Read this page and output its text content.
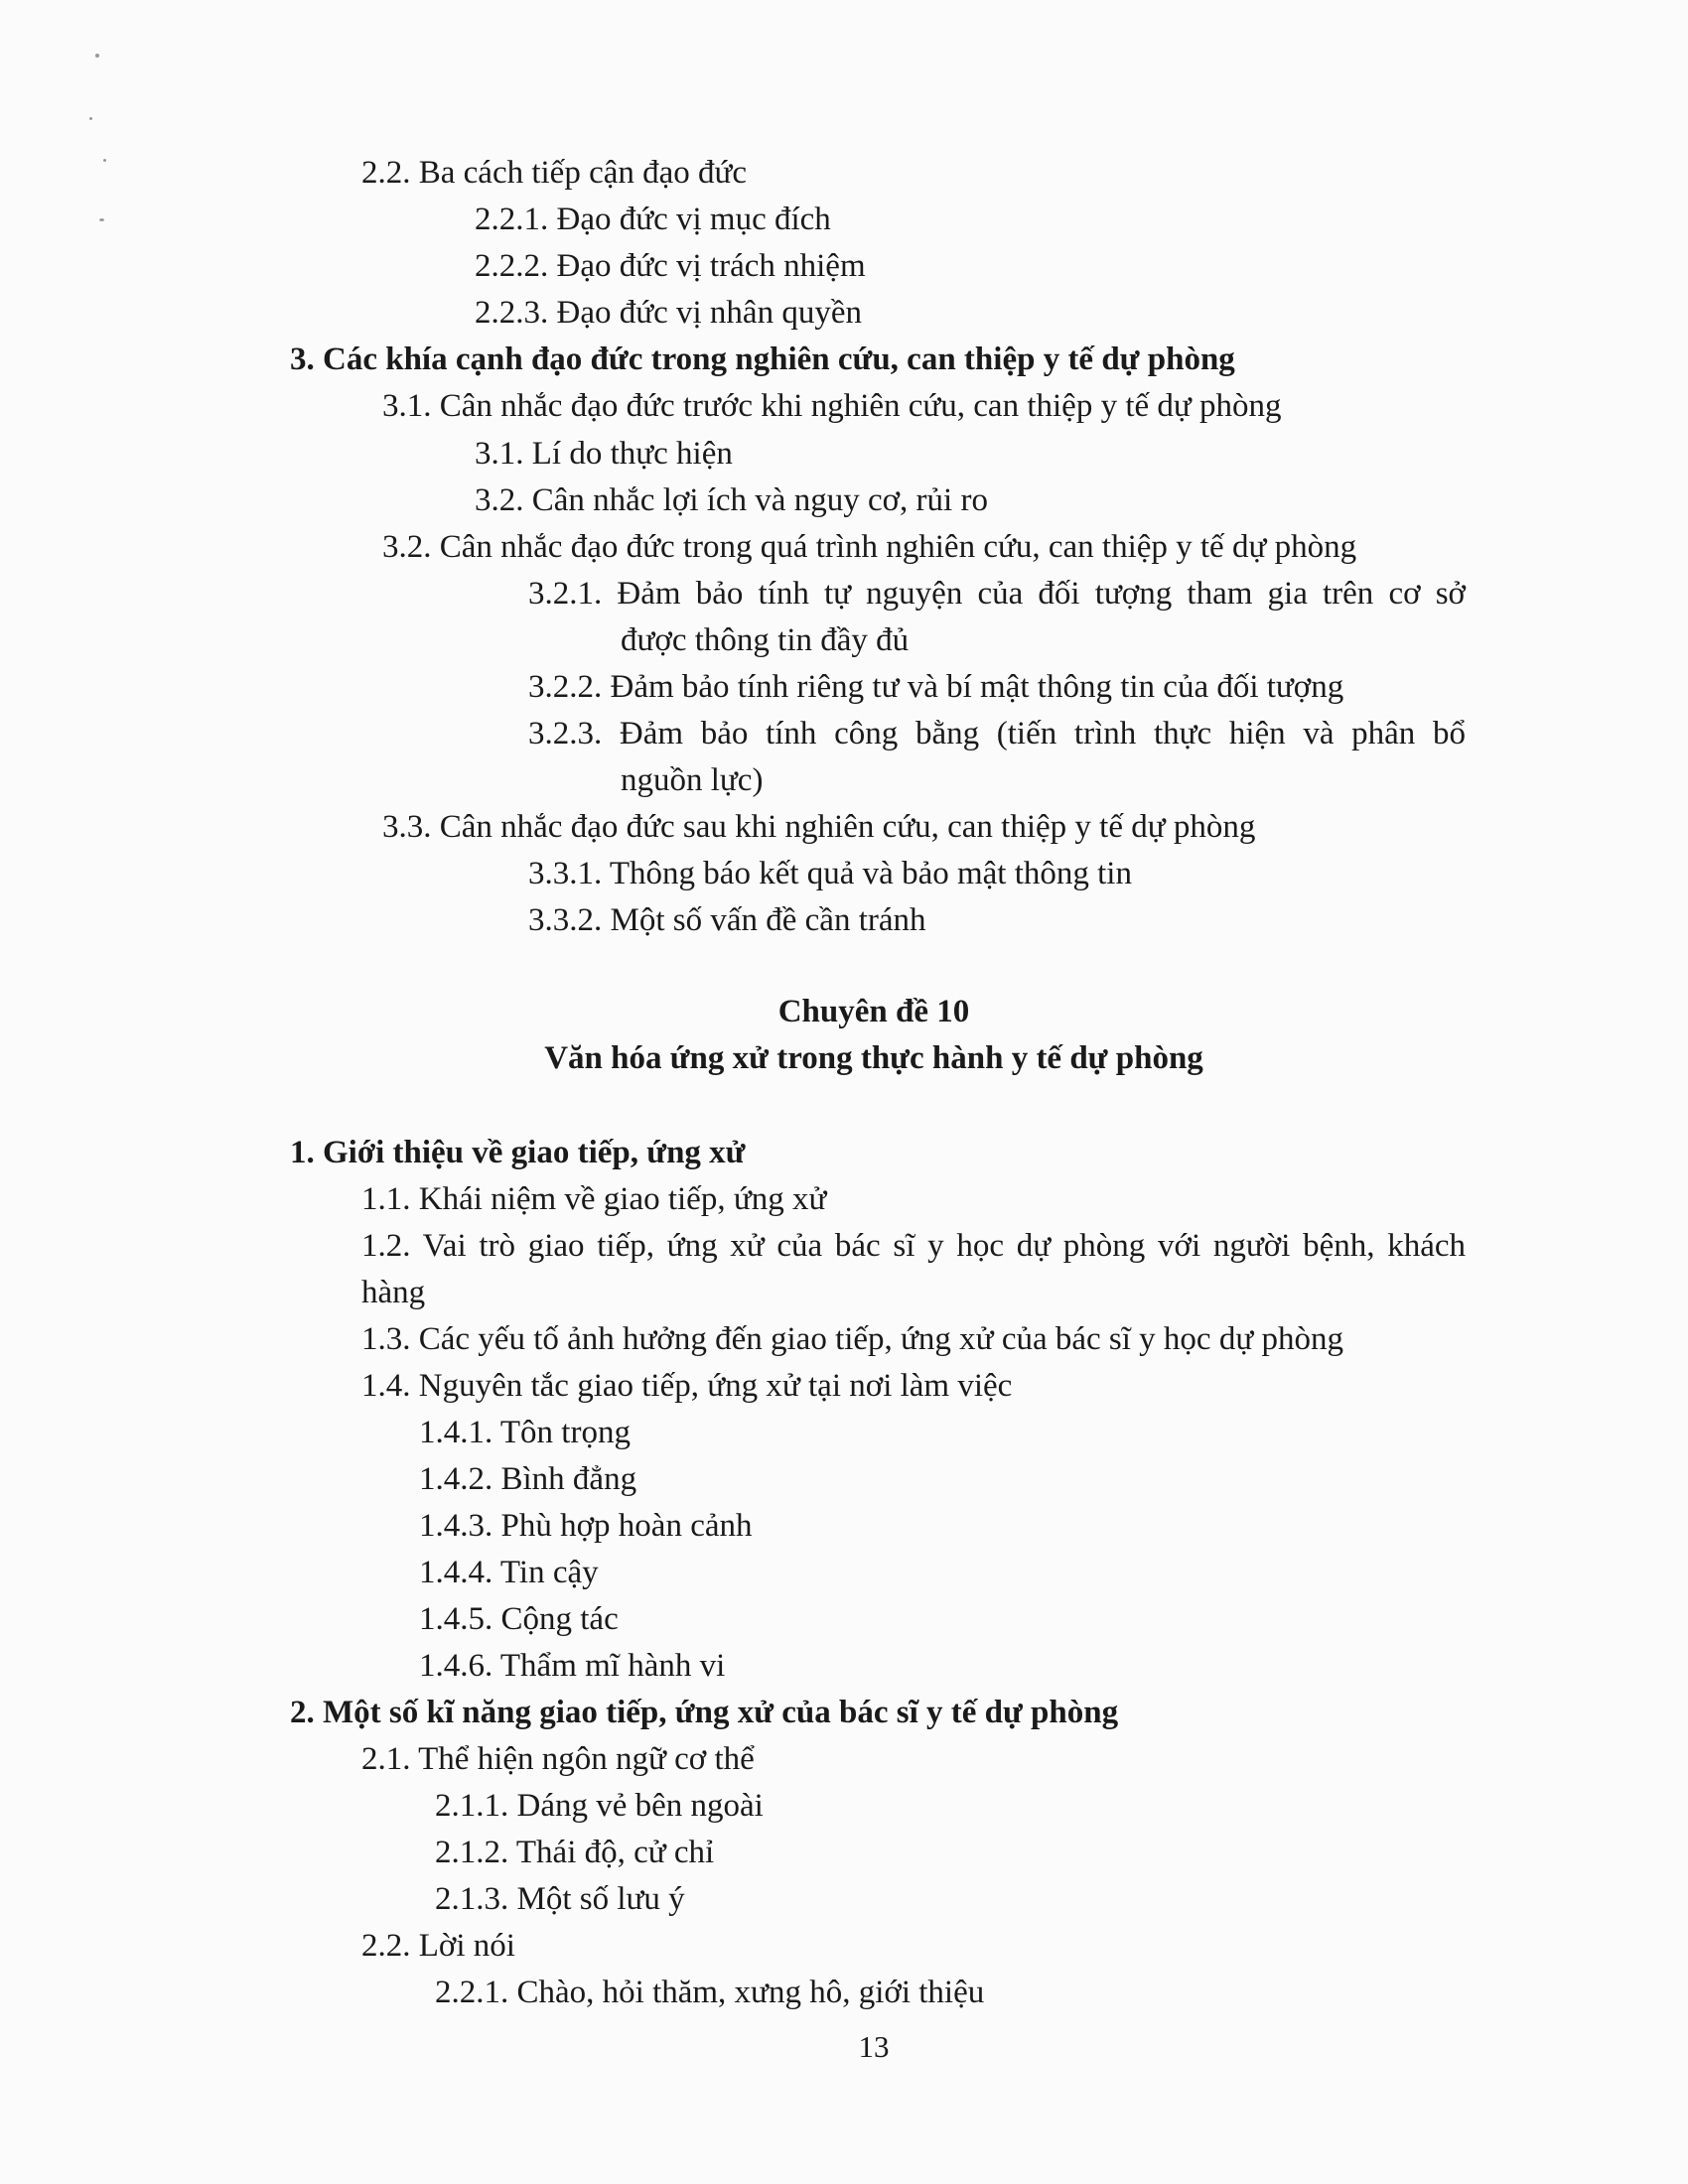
2.2. Ba cách tiếp cận đạo đức
2.2.1. Đạo đức vị mục đích
2.2.2. Đạo đức vị trách nhiệm
2.2.3. Đạo đức vị nhân quyền
3. Các khía cạnh đạo đức trong nghiên cứu, can thiệp y tế dự phòng
3.1. Cân nhắc đạo đức trước khi nghiên cứu, can thiệp y tế dự phòng
3.1. Lí do thực hiện
3.2. Cân nhắc lợi ích và nguy cơ, rủi ro
3.2. Cân nhắc đạo đức trong quá trình nghiên cứu, can thiệp y tế dự phòng
3.2.1. Đảm bảo tính tự nguyện của đối tượng tham gia trên cơ sở
được thông tin đầy đủ
3.2.2. Đảm bảo tính riêng tư và bí mật thông tin của đối tượng
3.2.3. Đảm bảo tính công bằng (tiến trình thực hiện và phân bổ
nguồn lực)
3.3. Cân nhắc đạo đức sau khi nghiên cứu, can thiệp y tế dự phòng
3.3.1. Thông báo kết quả và bảo mật thông tin
3.3.2. Một số vấn đề cần tránh
Chuyên đề 10
Văn hóa ứng xử trong thực hành y tế dự phòng
1. Giới thiệu về giao tiếp, ứng xử
1.1. Khái niệm về giao tiếp, ứng xử
1.2. Vai trò giao tiếp, ứng xử của bác sĩ y học dự phòng với người bệnh, khách
hàng
1.3. Các yếu tố ảnh hưởng đến giao tiếp, ứng xử của bác sĩ y học dự phòng
1.4. Nguyên tắc giao tiếp, ứng xử tại nơi làm việc
1.4.1. Tôn trọng
1.4.2. Bình đẳng
1.4.3. Phù hợp hoàn cảnh
1.4.4. Tin cậy
1.4.5. Cộng tác
1.4.6. Thẩm mĩ hành vi
2. Một số kĩ năng giao tiếp, ứng xử của bác sĩ y tế dự phòng
2.1. Thể hiện ngôn ngữ cơ thể
2.1.1. Dáng vẻ bên ngoài
2.1.2. Thái độ, cử chỉ
2.1.3. Một số lưu ý
2.2. Lời nói
2.2.1. Chào, hỏi thăm, xưng hô, giới thiệu
13
